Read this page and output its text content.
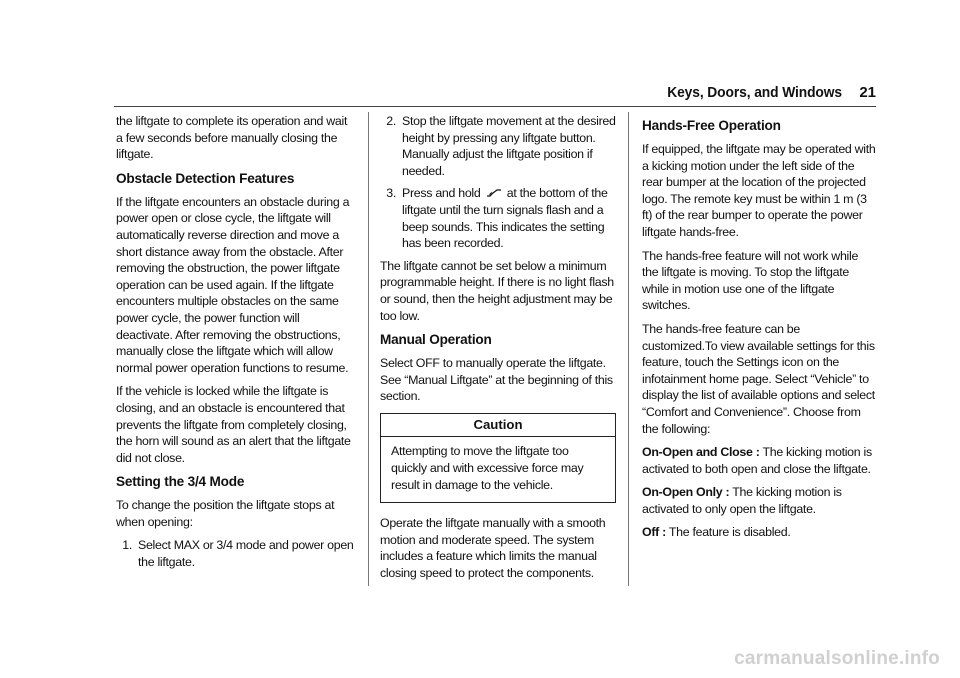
Keys, Doors, and Windows 21

the liftgate to complete its operation and wait a few seconds before manually closing the liftgate.

Obstacle Detection Features

If the liftgate encounters an obstacle during a power open or close cycle, the liftgate will automatically reverse direction and move a short distance away from the obstacle. After removing the obstruction, the power liftgate operation can be used again. If the liftgate encounters multiple obstacles on the same power cycle, the power function will deactivate. After removing the obstructions, manually close the liftgate which will allow normal power operation functions to resume.

If the vehicle is locked while the liftgate is closing, and an obstacle is encountered that prevents the liftgate from completely closing, the horn will sound as an alert that the liftgate did not close.

Setting the 3/4 Mode

To change the position the liftgate stops at when opening:

1. Select MAX or 3/4 mode and power open the liftgate.
2. Stop the liftgate movement at the desired height by pressing any liftgate button. Manually adjust the liftgate position if needed.
3. Press and hold at the bottom of the liftgate until the turn signals flash and a beep sounds. This indicates the setting has been recorded.

The liftgate cannot be set below a minimum programmable height. If there is no light flash or sound, then the height adjustment may be too low.

Manual Operation

Select OFF to manually operate the liftgate. See “Manual Liftgate” at the beginning of this section.

Caution
Attempting to move the liftgate too quickly and with excessive force may result in damage to the vehicle.

Operate the liftgate manually with a smooth motion and moderate speed. The system includes a feature which limits the manual closing speed to protect the components.

Hands-Free Operation

If equipped, the liftgate may be operated with a kicking motion under the left side of the rear bumper at the location of the projected logo. The remote key must be within 1 m (3 ft) of the rear bumper to operate the power liftgate hands-free.

The hands-free feature will not work while the liftgate is moving. To stop the liftgate while in motion use one of the liftgate switches.

The hands-free feature can be customized.To view available settings for this feature, touch the Settings icon on the infotainment home page. Select “Vehicle” to display the list of available options and select “Comfort and Convenience”. Choose from the following:

On-Open and Close : The kicking motion is activated to both open and close the liftgate.

On-Open Only : The kicking motion is activated to only open the liftgate.

Off : The feature is disabled.

carmanualsonline.info
